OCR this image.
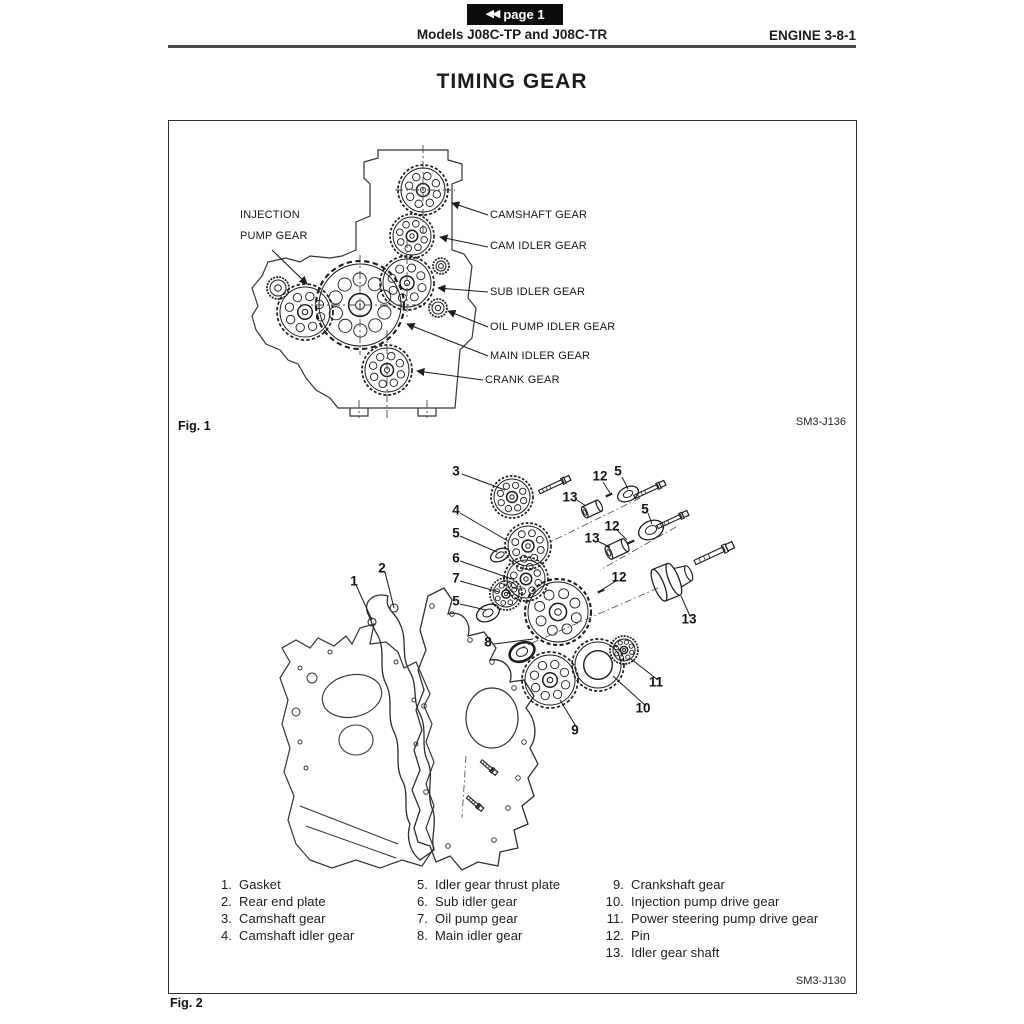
◀◀ page 1
Models J08C-TP and J08C-TR	ENGINE 3-8-1
TIMING GEAR
INJECTION PUMP GEAR
CAMSHAFT GEAR
CAM IDLER GEAR
SUB IDLER GEAR
OIL PUMP IDLER GEAR
MAIN IDLER GEAR
CRANK GEAR
Fig. 1	SM3-J136
3	12 5
13
4
5
5
12
13
6
7	12
5
8
13
1
2
9
10
11
1. Gasket
2. Rear end plate
3. Camshaft gear
4. Camshaft idler gear
5. Idler gear thrust plate
6. Sub idler gear
7. Oil pump gear
8. Main idler gear
9. Crankshaft gear
10. Injection pump drive gear
11. Power steering pump drive gear
12. Pin
13. Idler gear shaft
SM3-J130
Fig. 2
